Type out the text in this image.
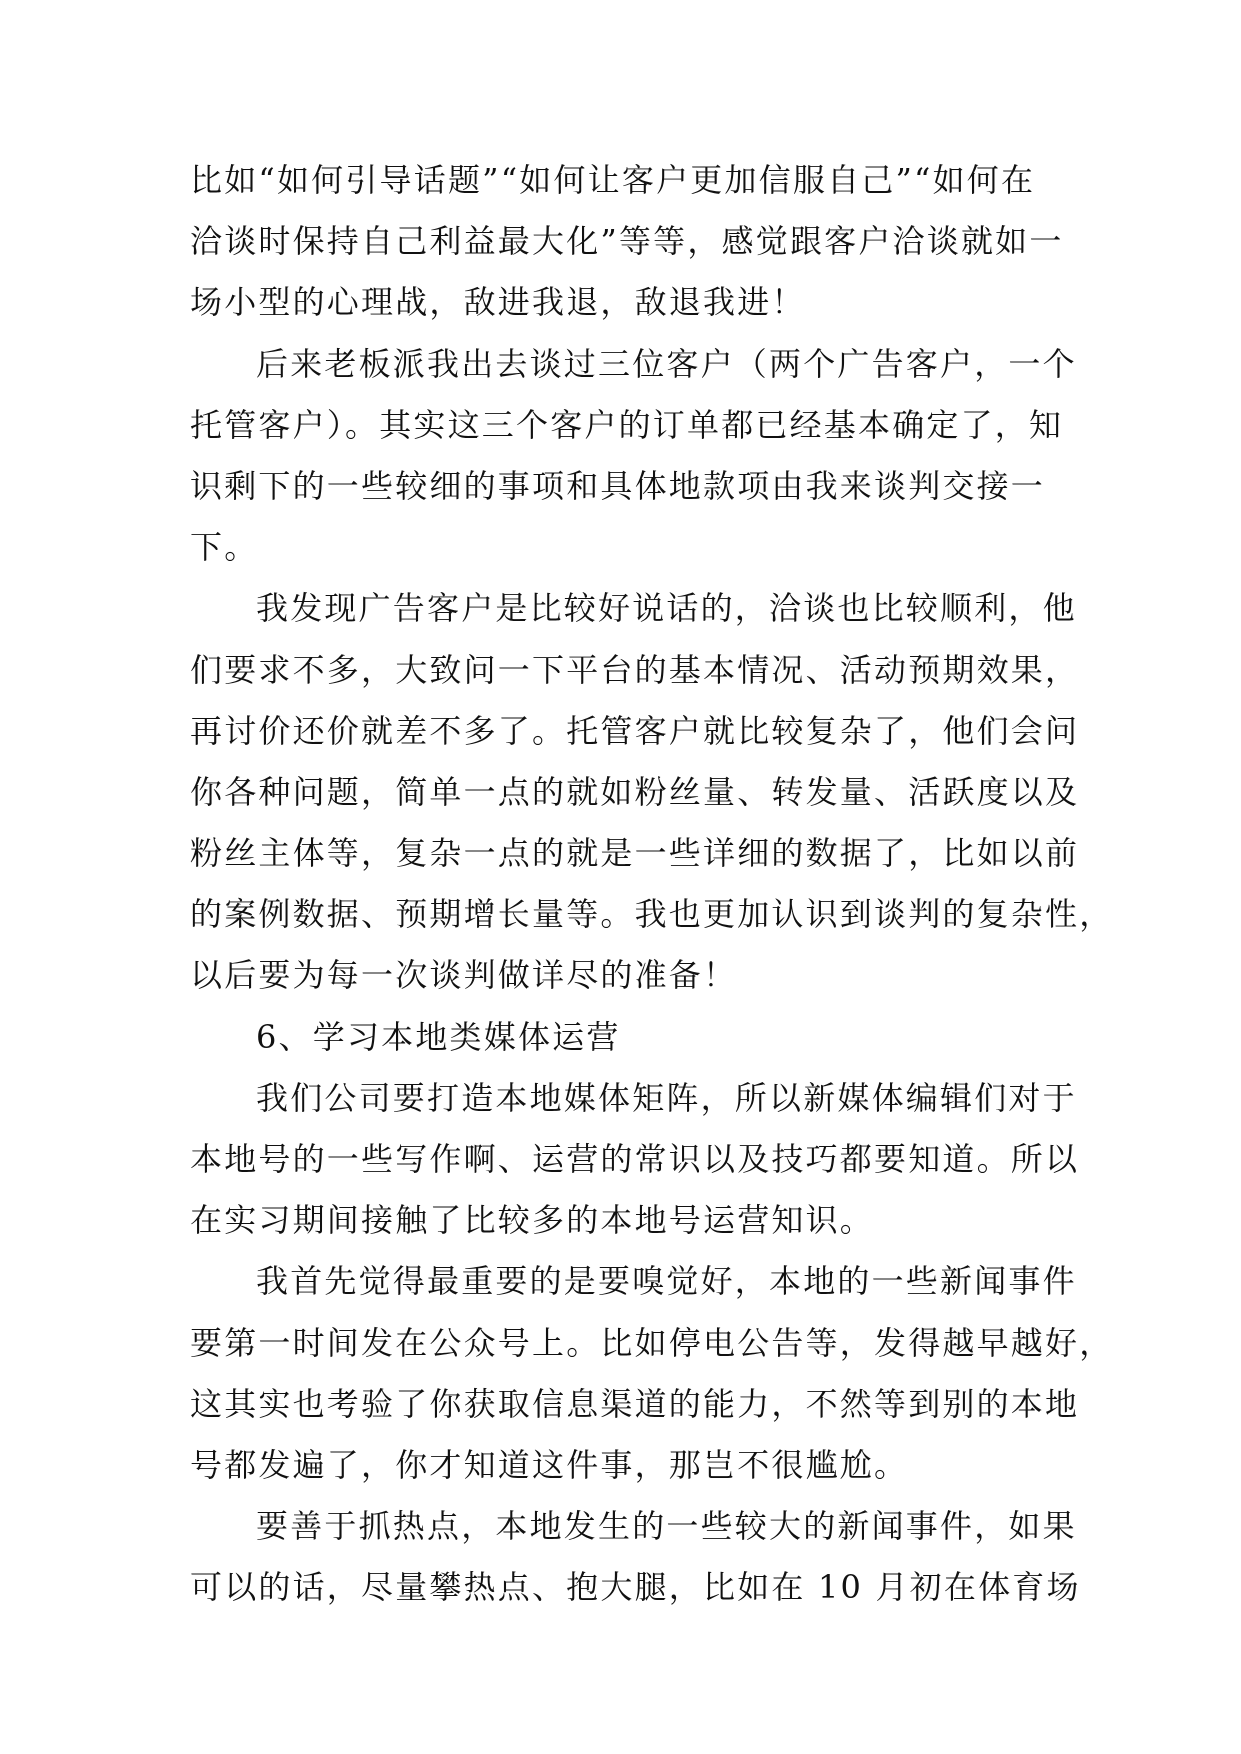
比如“如何引导话题”“如何让客户更加信服自己”“如何在
洽谈时保持自己利益最大化”等等，感觉跟客户洽谈就如一
场小型的心理战，敌进我退，敌退我进！
后来老板派我出去谈过三位客户（两个广告客户，一个
托管客户）。其实这三个客户的订单都已经基本确定了，知
识剩下的一些较细的事项和具体地款项由我来谈判交接一
下。
我发现广告客户是比较好说话的，洽谈也比较顺利，他
们要求不多，大致问一下平台的基本情况、活动预期效果，
再讨价还价就差不多了。托管客户就比较复杂了，他们会问
你各种问题，简单一点的就如粉丝量、转发量、活跃度以及
粉丝主体等，复杂一点的就是一些详细的数据了，比如以前
的案例数据、预期增长量等。我也更加认识到谈判的复杂性，
以后要为每一次谈判做详尽的准备！
6、学习本地类媒体运营
我们公司要打造本地媒体矩阵，所以新媒体编辑们对于
本地号的一些写作啊、运营的常识以及技巧都要知道。所以
在实习期间接触了比较多的本地号运营知识。
我首先觉得最重要的是要嗅觉好，本地的一些新闻事件
要第一时间发在公众号上。比如停电公告等，发得越早越好，
这其实也考验了你获取信息渠道的能力，不然等到别的本地
号都发遍了，你才知道这件事，那岂不很尴尬。
要善于抓热点，本地发生的一些较大的新闻事件，如果
可以的话，尽量攀热点、抱大腿，比如在 10 月初在体育场
